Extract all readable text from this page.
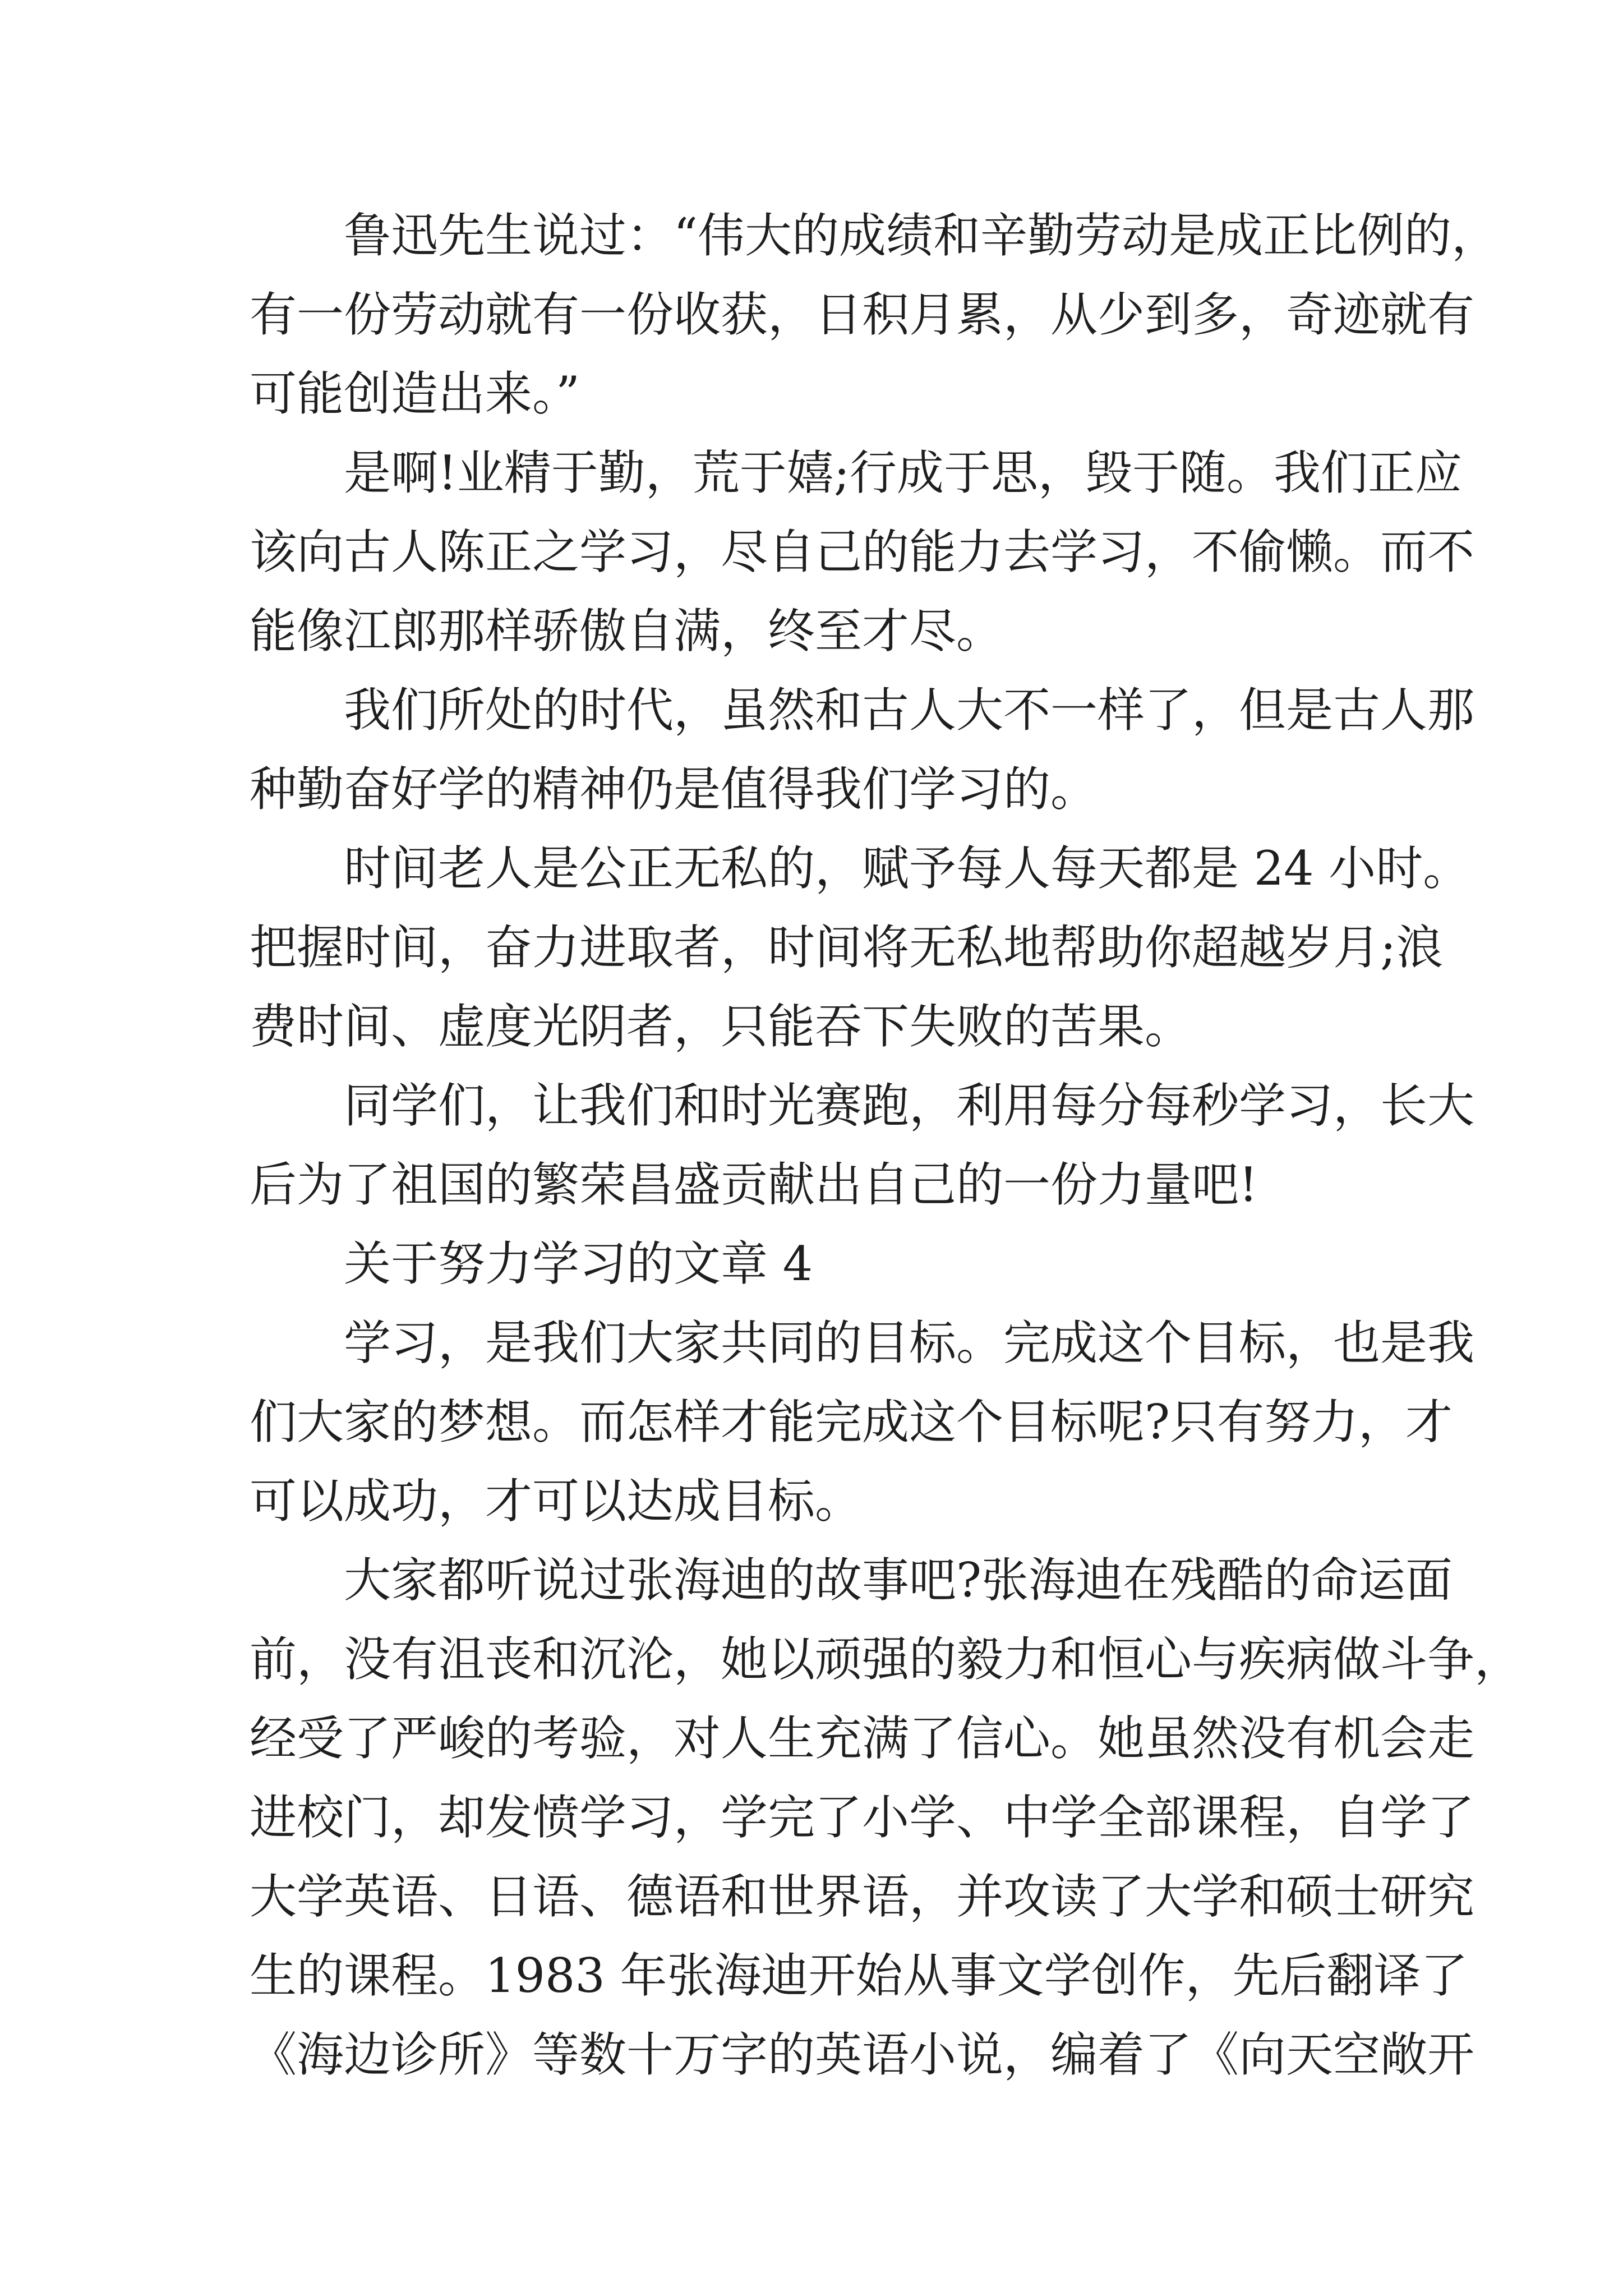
鲁迅先生说过：“伟大的成绩和辛勤劳动是成正比例的，
有一份劳动就有一份收获，日积月累，从少到多，奇迹就有
可能创造出来。”
是啊!业精于勤，荒于嬉;行成于思，毁于随。我们正应
该向古人陈正之学习，尽自己的能力去学习，不偷懒。而不
能像江郎那样骄傲自满，终至才尽。
我们所处的时代，虽然和古人大不一样了，但是古人那
种勤奋好学的精神仍是值得我们学习的。
时间老人是公正无私的，赋予每人每天都是 24 小时。
把握时间，奋力进取者，时间将无私地帮助你超越岁月;浪
费时间、虚度光阴者，只能吞下失败的苦果。
同学们，让我们和时光赛跑，利用每分每秒学习，长大
后为了祖国的繁荣昌盛贡献出自己的一份力量吧!
关于努力学习的文章 4
学习，是我们大家共同的目标。完成这个目标，也是我
们大家的梦想。而怎样才能完成这个目标呢?只有努力，才
可以成功，才可以达成目标。
大家都听说过张海迪的故事吧?张海迪在残酷的命运面
前，没有沮丧和沉沦，她以顽强的毅力和恒心与疾病做斗争，
经受了严峻的考验，对人生充满了信心。她虽然没有机会走
进校门，却发愤学习，学完了小学、中学全部课程，自学了
大学英语、日语、德语和世界语，并攻读了大学和硕士研究
生的课程。1983 年张海迪开始从事文学创作，先后翻译了
《海边诊所》等数十万字的英语小说，编着了《向天空敞开
